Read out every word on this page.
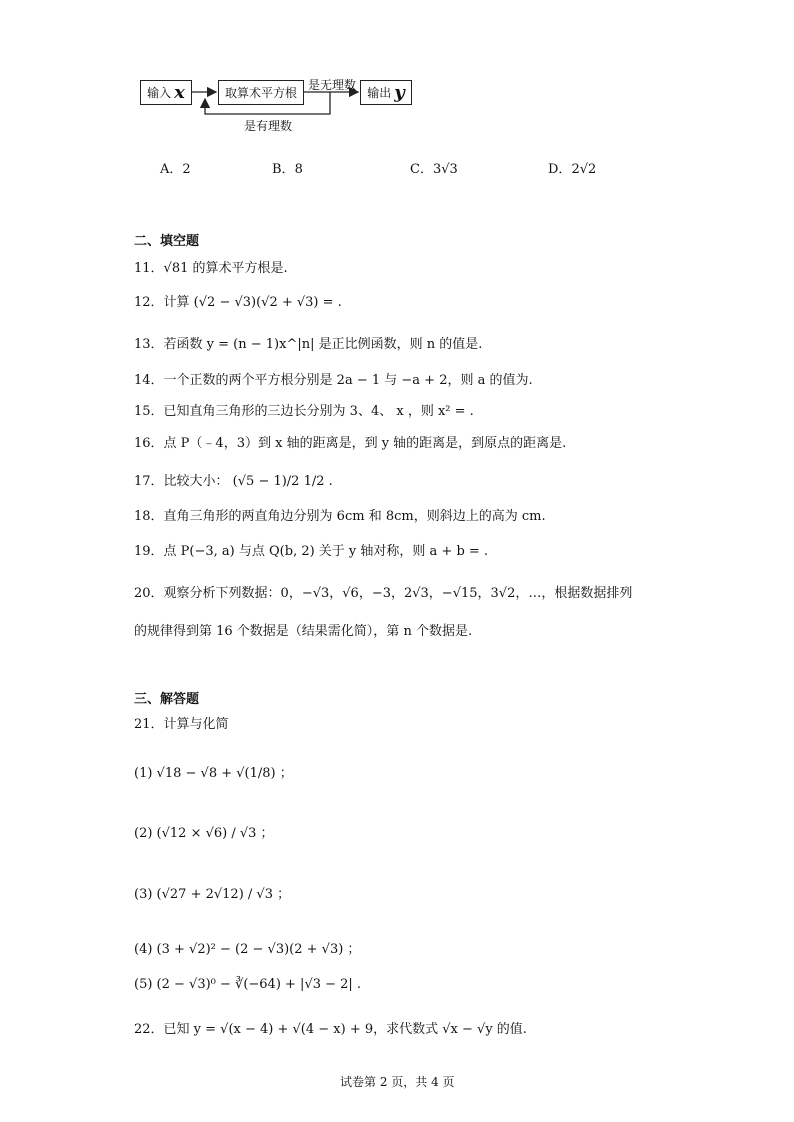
输入 x	取算术平方根	输出 y
是无理数
是有理数
A．2	B．8	C．3√3	D．2√2
二、填空题
11．√81 的算术平方根是.
12．计算 (√2 − √3)(√2 + √3) = .
13．若函数 y = (n − 1)x^|n| 是正比例函数，则 n 的值是.
14．一个正数的两个平方根分别是 2a − 1 与 −a + 2，则 a 的值为.
15．已知直角三角形的三边长分别为 3、4、 x ，则 x² = .
16．点 P（﹣4，3）到 x 轴的距离是，到 y 轴的距离是，到原点的距离是.
17．比较大小： (√5 − 1)/2 1/2 .
18．直角三角形的两直角边分别为 6cm 和 8cm，则斜边上的高为 cm.
19．点 P(−3, a) 与点 Q(b, 2) 关于 y 轴对称，则 a + b = .
20．观察分析下列数据：0，−√3，√6，−3，2√3，−√15，3√2，…，根据数据排列
的规律得到第 16 个数据是（结果需化简），第 n 个数据是.
三、解答题
21．计算与化简
(1) √18 − √8 + √(1/8) ；
(2) (√12 × √6) / √3 ；
(3) (√27 + 2√12) / √3 ；
(4) (3 + √2)² − (2 − √3)(2 + √3) ；
(5) (2 − √3)⁰ − ∛(−64) + |√3 − 2| .
22．已知 y = √(x − 4) + √(4 − x) + 9，求代数式 √x − √y 的值.
试卷第 2 页，共 4 页
